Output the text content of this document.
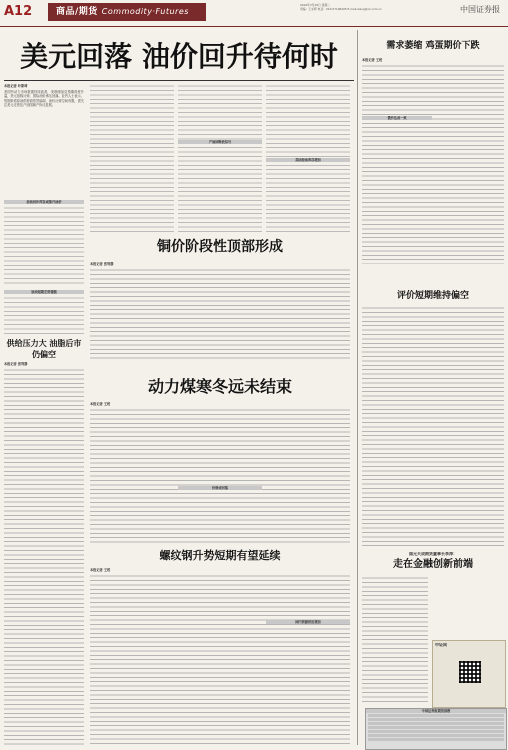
A12	商品/期货 Commodity·Futures
2016年3月29日 星期二
责编：王东辉 电话：010-57106205 E-mail:wang@cs.com.cn	中国证券报
美元回落 油价回升待何时
本报记者 叶斯琦
美国劳动力市场数据持续改善，美联储加息预期再度升温，美元指数反弹，国际油价承压回落。业内人士表示，短期来看原油供需面依然偏弱，油价反弹空间有限，需关注美元走势及产油国减产协议进展。
原油回补库存或推升油价
原油短期走势谨慎
产油国释放信号
美国原油库存增加
铜价阶段性顶部形成
本报记者 张利静
供给压力大 油脂后市仍偏空
本报记者 张利静
动力煤寒冬远未结束
本报记者 王姣
价格或回落
螺纹钢升势短期有望延续
本报记者 王姣
国内资源供应增加
需求萎缩 鸡蛋期价下跌
本报记者 王姣
俄沙达成一致
评价短期维持偏空
国元天成期货董事长李涛：
走在金融创新前端
中证网
中国证券报期货指数
